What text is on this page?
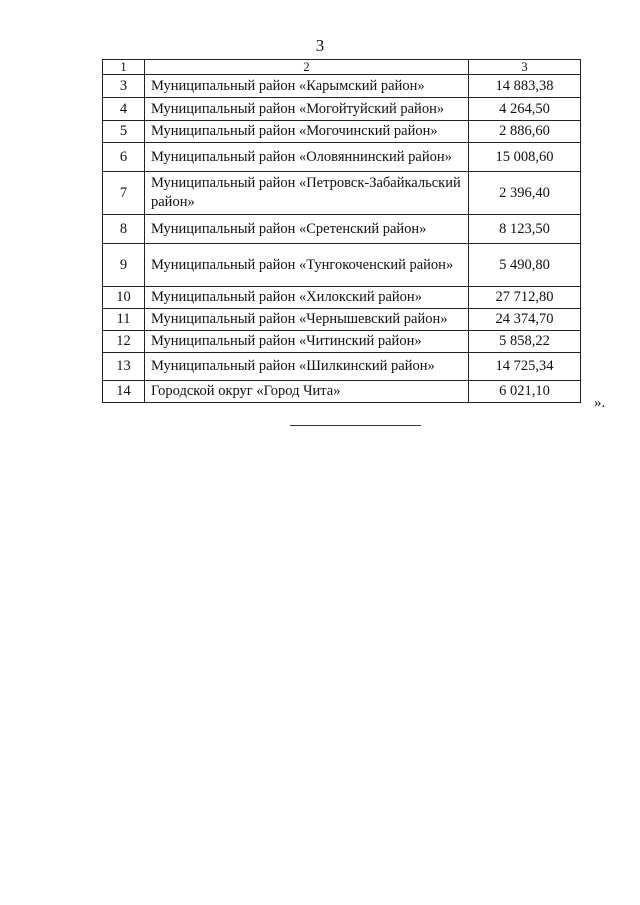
3
1	2	3
3	Муниципальный район «Карымский район»	14 883,38
4	Муниципальный район «Могойтуйский район»	4 264,50
5	Муниципальный район «Могочинский район»	2 886,60
6	Муниципальный район «Оловяннинский район»	15 008,60
7	Муниципальный район «Петровск-Забайкальский район»	2 396,40
8	Муниципальный район «Сретенский район»	8 123,50
9	Муниципальный район «Тунгокоченский район»	5 490,80
10	Муниципальный район «Хилокский район»	27 712,80
11	Муниципальный район «Чернышевский район»	24 374,70
12	Муниципальный район «Читинский район»	5 858,22
13	Муниципальный район «Шилкинский район»	14 725,34
14	Городской округ «Город Чита»	6 021,10
».
